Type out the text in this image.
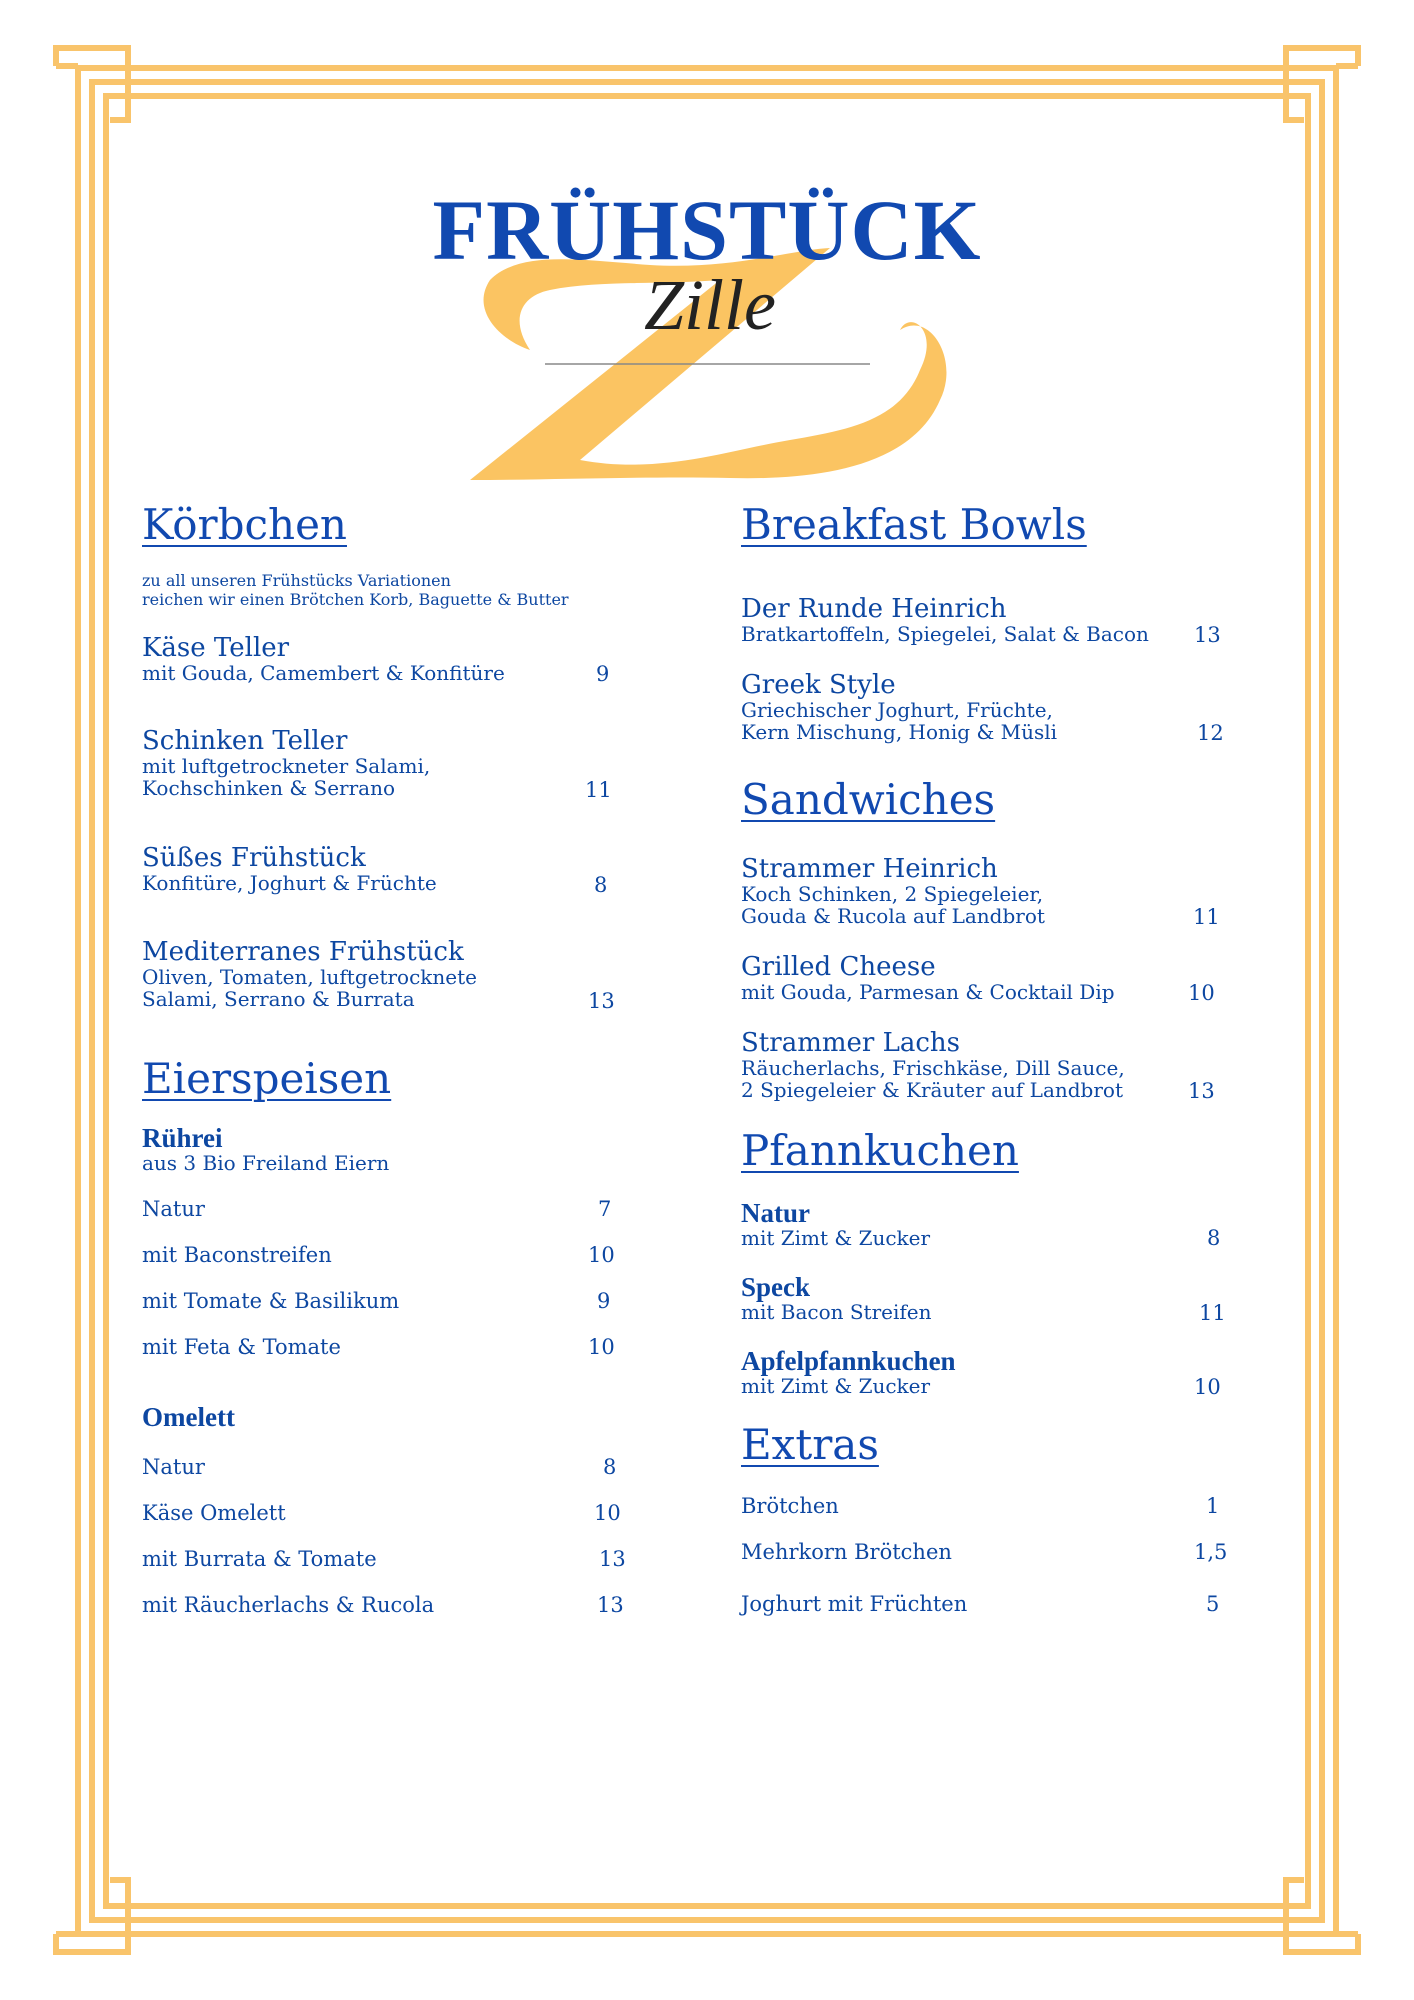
Zille
FRÜHSTÜCK
Körbchen
zu all unseren Frühstücks Variationen
reichen wir einen Brötchen Korb, Baguette & Butter
Käse Teller
mit Gouda, Camembert & Konfitüre	9
Schinken Teller
mit luftgetrockneter Salami,
Kochschinken & Serrano	11
Süßes Frühstück
Konfitüre, Joghurt & Früchte	8
Mediterranes Frühstück
Oliven, Tomaten, luftgetrocknete
Salami, Serrano & Burrata	13
Eierspeisen
Rührei
aus 3 Bio Freiland Eiern
Natur	7
mit Baconstreifen	10
mit Tomate & Basilikum	9
mit Feta & Tomate	10
Omelett
Natur	8
Käse Omelett	10
mit Burrata & Tomate	13
mit Räucherlachs & Rucola	13
Breakfast Bowls
Der Runde Heinrich
Bratkartoffeln, Spiegelei, Salat & Bacon 13
Greek Style
Griechischer Joghurt, Früchte,
Kern Mischung, Honig & Müsli	12
Sandwiches
Strammer Heinrich
Koch Schinken, 2 Spiegeleier,
Gouda & Rucola auf Landbrot	11
Grilled Cheese
mit Gouda, Parmesan & Cocktail Dip	10
Strammer Lachs
Räucherlachs, Frischkäse, Dill Sauce,
2 Spiegeleier & Kräuter auf Landbrot	13
Pfannkuchen
Natur
mit Zimt & Zucker	8
Speck
mit Bacon Streifen	11
Apfelpfannkuchen
mit Zimt & Zucker	10
Extras
Brötchen	1
Mehrkorn Brötchen	1,5
Joghurt mit Früchten	5
